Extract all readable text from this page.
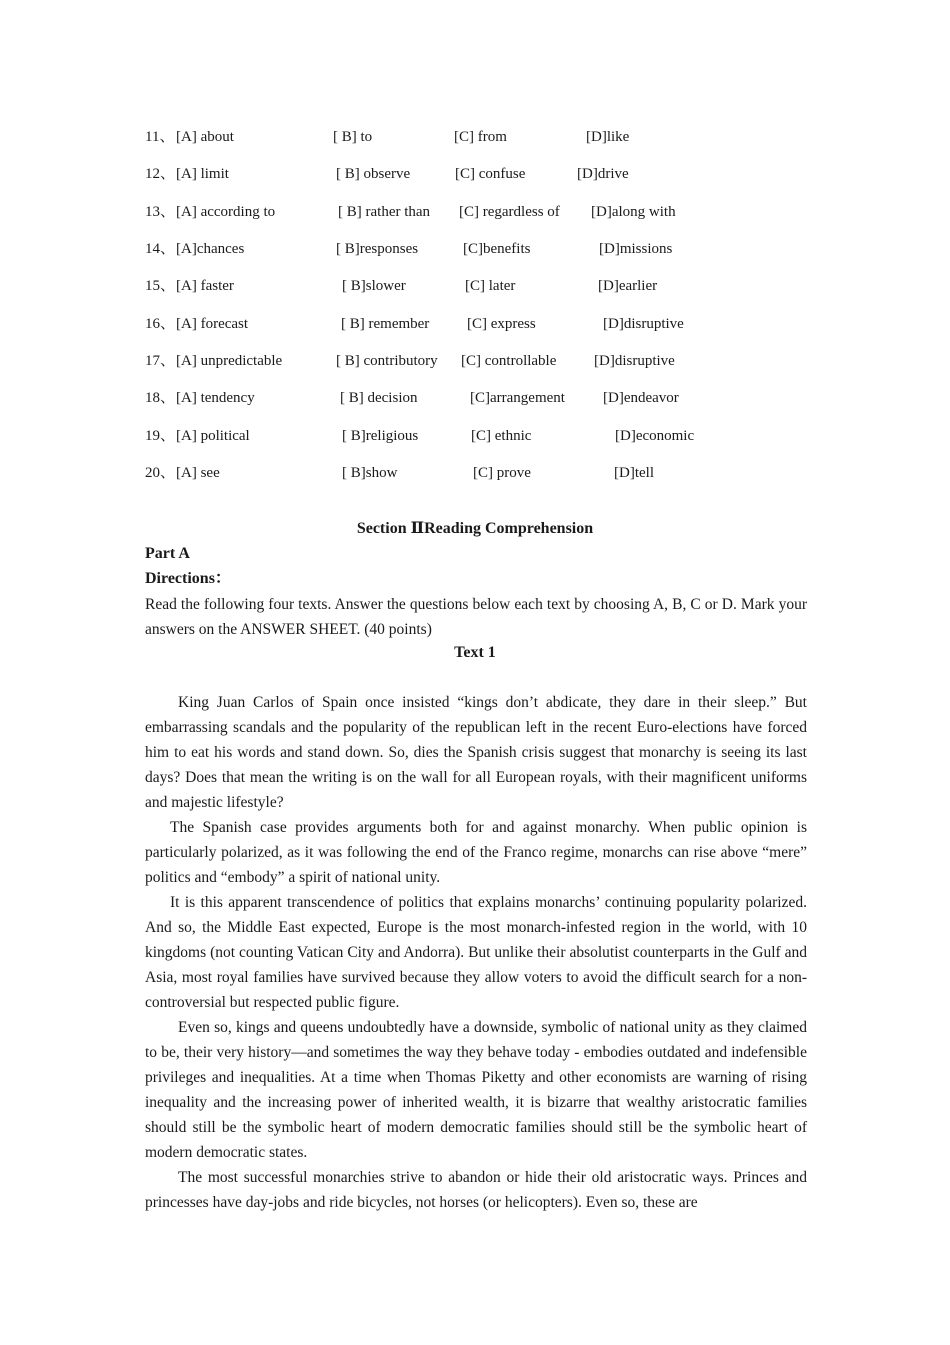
11、 [A] about	[ B] to	[C] from	[D]like
12、 [A] limit	[ B] observe	[C] confuse	[D]drive
13、 [A] according to	[ B] rather than [C] regardless of [D]along with
14、 [A]chances	[ B]responses	[C]benefits	[D]missions
15、 [A] faster	[ B]slower	[C] later	[D]earlier
16、 [A] forecast	[ B] remember	[C] express	[D]disruptive
17、 [A] unpredictable	[ B] contributory [C] controllable	[D]disruptive
18、 [A] tendency	[ B] decision	[C]arrangement	[D]endeavor
19、 [A] political	[ B]religious	[C] ethnic	[D]economic
20、 [A] see	[ B]show	[C] prove	[D]tell
Section ⅡReading Comprehension
Part A
Directions：
Read the following four texts. Answer the questions below each text by choosing A, B, C or D. Mark your answers on the ANSWER SHEET. (40 points)
Text 1

King Juan Carlos of Spain once insisted “kings don’t abdicate, they dare in their sleep.” But embarrassing scandals and the popularity of the republican left in the recent Euro-elections have forced him to eat his words and stand down. So, dies the Spanish crisis suggest that monarchy is seeing its last days? Does that mean the writing is on the wall for all European royals, with their magnificent uniforms and majestic lifestyle?

The Spanish case provides arguments both for and against monarchy. When public opinion is particularly polarized, as it was following the end of the Franco regime, monarchs can rise above “mere” politics and “embody” a spirit of national unity.

It is this apparent transcendence of politics that explains monarchs’ continuing popularity polarized. And so, the Middle East expected, Europe is the most monarch-infested region in the world, with 10 kingdoms (not counting Vatican City and Andorra). But unlike their absolutist counterparts in the Gulf and Asia, most royal families have survived because they allow voters to avoid the difficult search for a non-controversial but respected public figure.

Even so, kings and queens undoubtedly have a downside, symbolic of national unity as they claimed to be, their very history—and sometimes the way they behave today - embodies outdated and indefensible privileges and inequalities. At a time when Thomas Piketty and other economists are warning of rising inequality and the increasing power of inherited wealth, it is bizarre that wealthy aristocratic families should still be the symbolic heart of modern democratic families should still be the symbolic heart of modern democratic states.

The most successful monarchies strive to abandon or hide their old aristocratic ways. Princes and princesses have day-jobs and ride bicycles, not horses (or helicopters). Even so, these are
